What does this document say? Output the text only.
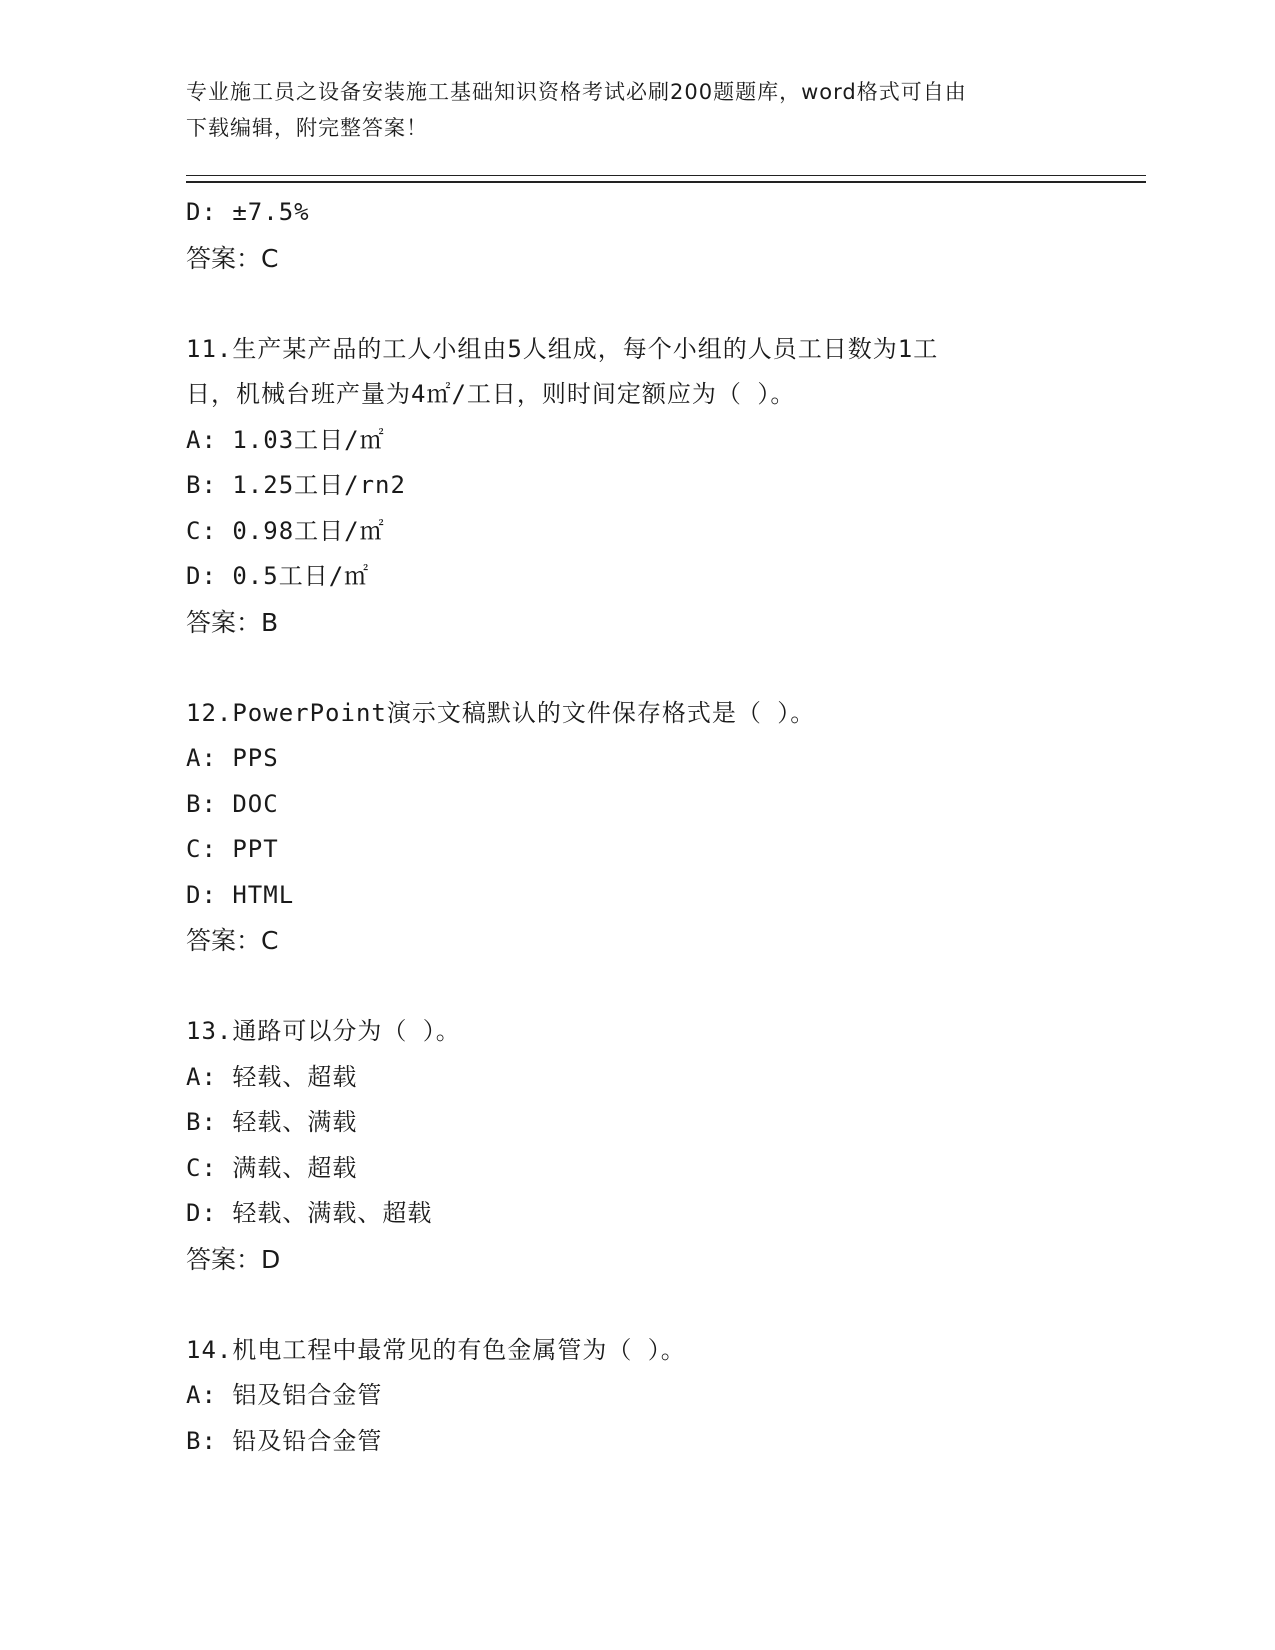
专业施工员之设备安装施工基础知识资格考试必刷200题题库，word格式可自由
下载编辑，附完整答案！
D: ±7.5%
答案：C
11.生产某产品的工人小组由5人组成，每个小组的人员工日数为1工
日，机械台班产量为4㎡/工日，则时间定额应为（ ）。
A: 1.03工日/㎡
B: 1.25工日/rn2
C: 0.98工日/㎡
D: 0.5工日/㎡
答案：B
12.PowerPoint演示文稿默认的文件保存格式是（ ）。
A: PPS
B: DOC
C: PPT
D: HTML
答案：C
13.通路可以分为（ ）。
A: 轻载、超载
B: 轻载、满载
C: 满载、超载
D: 轻载、满载、超载
答案：D
14.机电工程中最常见的有色金属管为（ ）。
A: 铝及铝合金管
B: 铅及铅合金管
